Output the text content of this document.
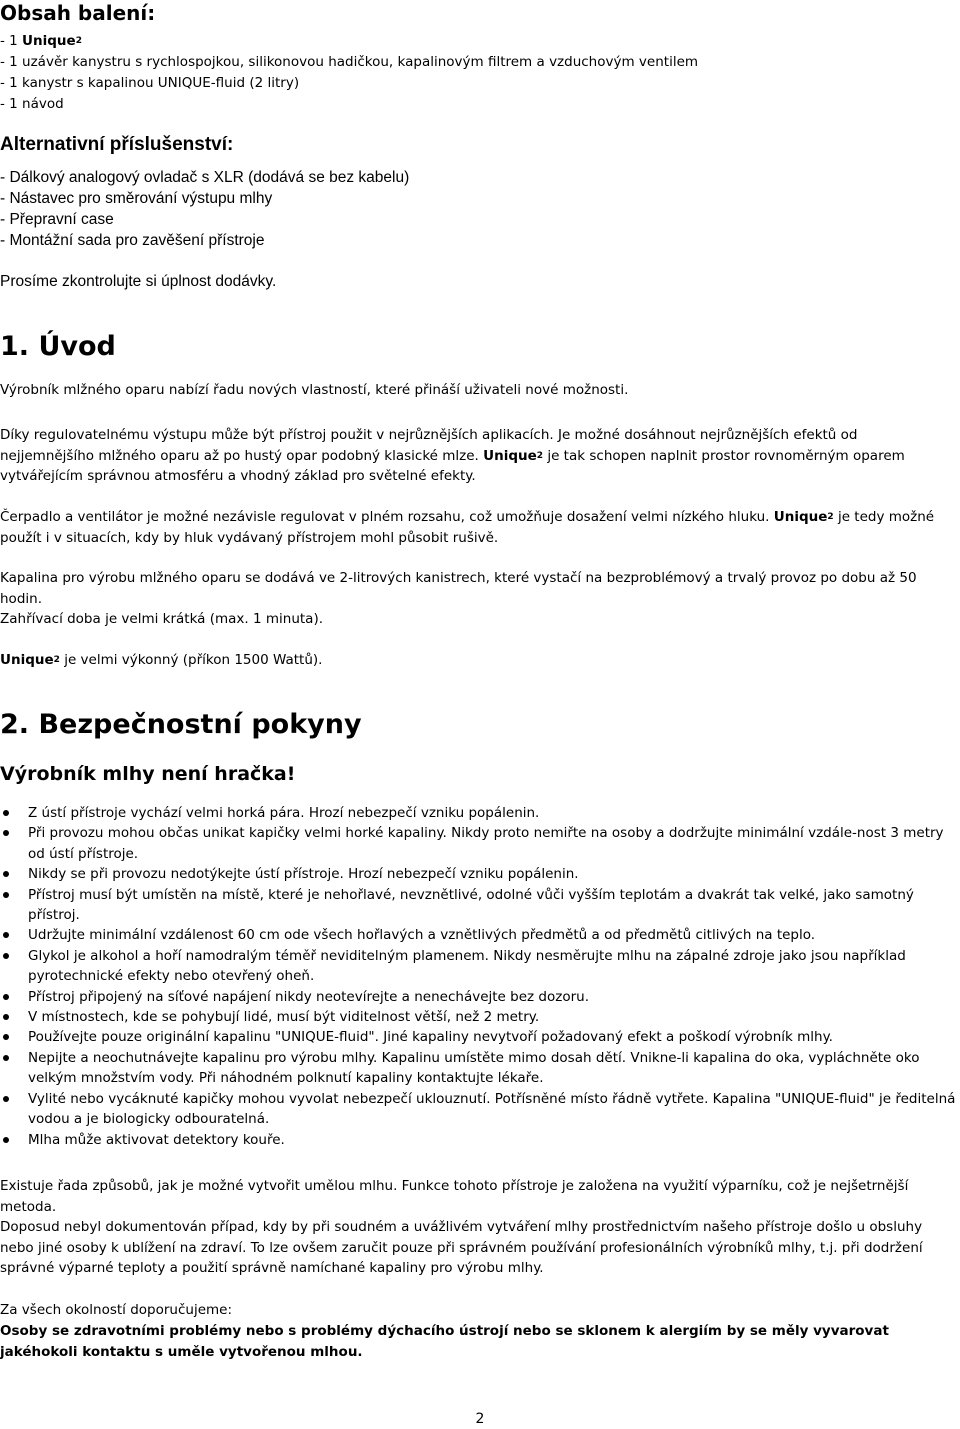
Obsah balení:
- 1 Unique$^2$
- 1 uzávěr kanystru s rychlospojkou, silikonovou hadičkou, kapalinovým filtrem a vzduchovým ventilem
- 1 kanystr s kapalinou UNIQUE-fluid (2 litry)
- 1 návod
Alternativní příslušenství:
- Dálkový analogový ovladač s XLR (dodává se bez kabelu)
- Nástavec pro směrování výstupu mlhy
- Přepravní case
- Montážní sada pro zavěšení přístroje
Prosíme zkontrolujte si úplnost dodávky.
1. Úvod

Výrobník mlžného oparu nabízí řadu nových vlastností, které přináší uživateli nové možnosti.

Díky regulovatelnému výstupu může být přístroj použit v nejrůznějších aplikacích. Je možné dosáhnout nejrůznějších efektů od nejjemnějšího mlžného oparu až po hustý opar podobný klasické mlze. Unique$^2$ je tak schopen naplnit prostor rovnoměrným oparem vytvářejícím správnou atmosféru a vhodný základ pro světelné efekty.

Čerpadlo a ventilátor je možné nezávisle regulovat v plném rozsahu, což umožňuje dosažení velmi nízkého hluku. Unique$^2$ je tedy možné použít i v situacích, kdy by hluk vydávaný přístrojem mohl působit rušivě.

Kapalina pro výrobu mlžného oparu se dodává ve 2-litrových kanistrech, které vystačí na bezproblémový a trvalý provoz po dobu až 50 hodin.

Zahřívací doba je velmi krátká (max. 1 minuta).

Unique$^2$ je velmi výkonný (příkon 1500 Wattů).

2. Bezpečnostní pokyny
Výrobník mlhy není hračka!
Z ústí přístroje vychází velmi horká pára. Hrozí nebezpečí vzniku popálenin.
Při provozu mohou občas unikat kapičky velmi horké kapaliny. Nikdy proto nemiřte na osoby a dodržujte minimální vzdále-nost 3 metry od ústí přístroje.
Nikdy se při provozu nedotýkejte ústí přístroje. Hrozí nebezpečí vzniku popálenin.
Přístroj musí být umístěn na místě, které je nehořlavé, nevznětlivé, odolné vůči vyšším teplotám a dvakrát tak velké, jako samotný přístroj.
Udržujte minimální vzdálenost 60 cm ode všech hořlavých a vznětlivých předmětů a od předmětů citlivých na teplo.
Glykol je alkohol a hoří namodralým téměř neviditelným plamenem. Nikdy nesměrujte mlhu na zápalné zdroje jako jsou například pyrotechnické efekty nebo otevřený oheň.
Přístroj připojený na síťové napájení nikdy neotevírejte a nenechávejte bez dozoru.
V místnostech, kde se pohybují lidé, musí být viditelnost větší, než 2 metry.
Používejte pouze originální kapalinu "UNIQUE-fluid". Jiné kapaliny nevytvoří požadovaný efekt a poškodí výrobník mlhy.
Nepijte a neochutnávejte kapalinu pro výrobu mlhy. Kapalinu umístěte mimo dosah dětí. Vnikne-li kapalina do oka, vypláchněte oko velkým množstvím vody. Při náhodném polknutí kapaliny kontaktujte lékaře.
Vylité nebo vycáknuté kapičky mohou vyvolat nebezpečí uklouznutí. Potřísněné místo řádně vytřete. Kapalina "UNIQUE-fluid" je ředitelná vodou a je biologicky odbouratelná.
Mlha může aktivovat detektory kouře.

Existuje řada způsobů, jak je možné vytvořit umělou mlhu. Funkce tohoto přístroje je založena na využití výparníku, což je nejšetrnější metoda.

Doposud nebyl dokumentován případ, kdy by při soudném a uvážlivém vytváření mlhy prostřednictvím našeho přístroje došlo u obsluhy nebo jiné osoby k ublížení na zdraví. To lze ovšem zaručit pouze při správném používání profesionálních výrobníků mlhy, t.j. při dodržení správné výparné teploty a použití správně namíchané kapaliny pro výrobu mlhy.

Za všech okolností doporučujeme:

Osoby se zdravotními problémy nebo s problémy dýchacího ústrojí nebo se sklonem k alergiím by se měly vyvarovat jakéhokoli kontaktu s uměle vytvořenou mlhou.

2
